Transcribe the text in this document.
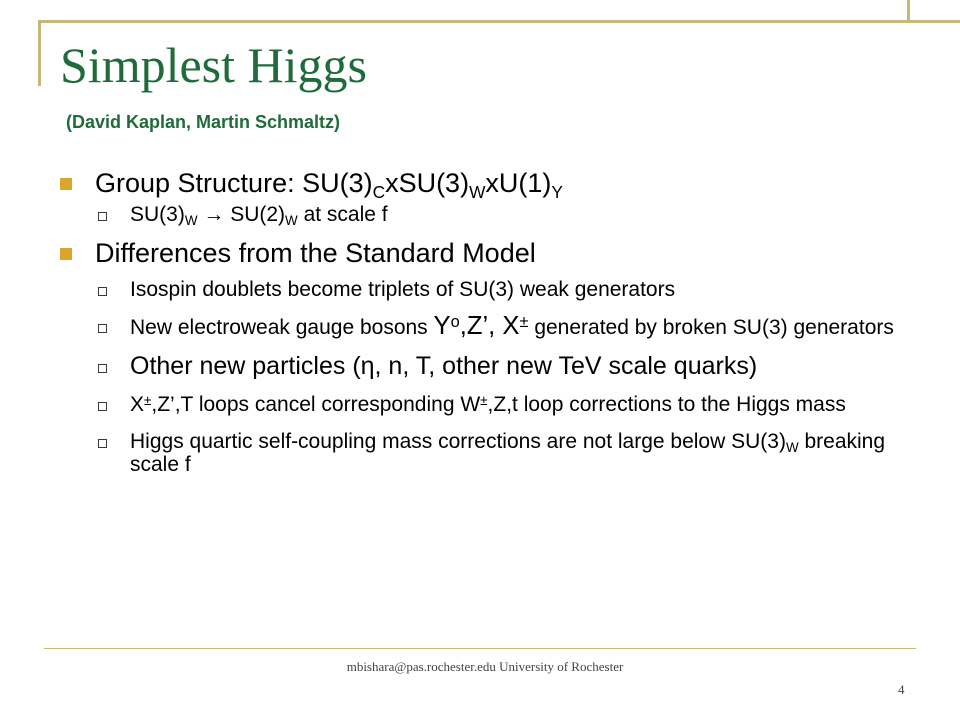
Simplest Higgs
(David Kaplan, Martin Schmaltz)
Group Structure: $SU(3)_CxSU(3)_WxU(1)_Y$
$SU(3)_W \to SU(2)_W$ at scale f
Differences from the Standard Model
Isospin doublets become triplets of SU(3) weak generators
New electroweak gauge bosons $Y^o,Z$’, X± generated by broken SU(3) generators
Other new particles (η, n, T, other new TeV scale quarks)
X±,Z’,T loops cancel corresponding W±,Z,t loop corrections to the Higgs mass
Higgs quartic self-coupling mass corrections are not large below $SU(3)_W$ breaking scale f
mbishara@pas.rochester.edu University of Rochester
4
